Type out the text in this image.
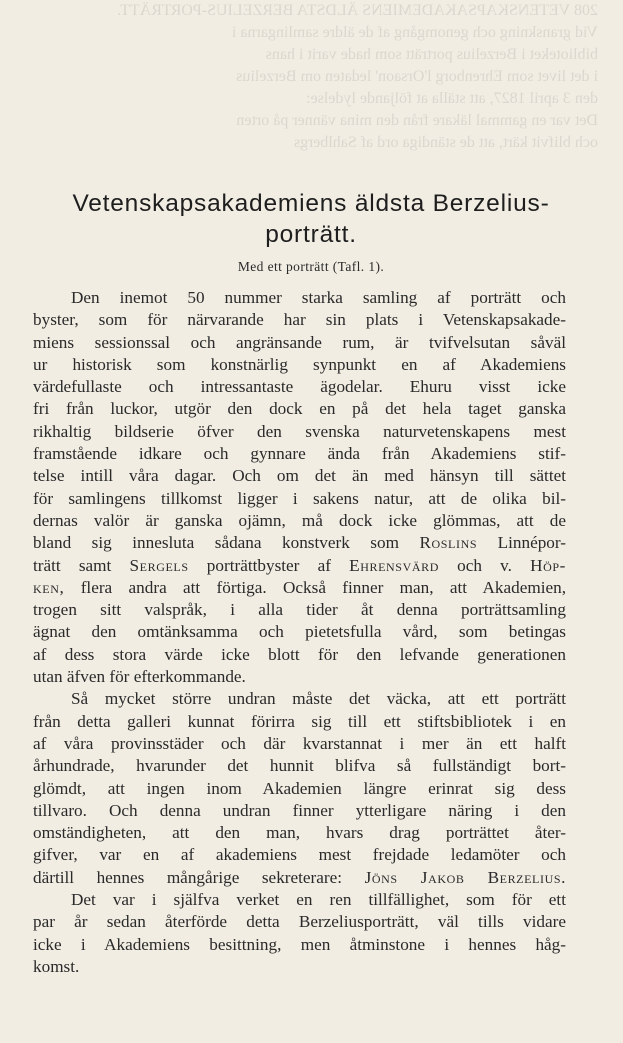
208 VETENSKAPSAKADEMIENS ÄLDSTA BERZELIUS-PORTRÄTT.
Vid granskning och genomgång af de äldre samlingarna i
biblioteket i Berzelius porträtt som hade varit i hans
i det livet som Ehrenborg l'Orsaon' ledaten om Berzelius
den 3 april 1827, att ställa at följande lydelse:
Det var en gammal läkare från den mina vänner på orten
och blifvit kärt, att de ständiga ord af Sahlbergs
Vetenskapsakademiens äldsta Berzelius-
porträtt.
Med ett porträtt (Tafl. 1).
Den inemot 50 nummer starka samling af porträtt och
byster, som för närvarande har sin plats i Vetenskapsakade-
miens sessionssal och angränsande rum, är tvifvelsutan såväl
ur historisk som konstnärlig synpunkt en af Akademiens
värdefullaste och intressantaste ägodelar. Ehuru visst icke
fri från luckor, utgör den dock en på det hela taget ganska
rikhaltig bildserie öfver den svenska naturvetenskapens mest
framstående idkare och gynnare ända från Akademiens stif-
telse intill våra dagar. Och om det än med hänsyn till sättet
för samlingens tillkomst ligger i sakens natur, att de olika bil-
dernas valör är ganska ojämn, må dock icke glömmas, att de
bland sig innesluta sådana konstverk som Roslins Linnépor-
trätt samt Sergels porträttbyster af Ehrensvärd och v. Höp-
ken, flera andra att förtiga. Också finner man, att Akademien,
trogen sitt valspråk, i alla tider åt denna porträttsamling
ägnat den omtänksamma och pietetsfulla vård, som betingas
af dess stora värde icke blott för den lefvande generationen
utan äfven för efterkommande.
Så mycket större undran måste det väcka, att ett porträtt
från detta galleri kunnat förirra sig till ett stiftsbibliotek i en
af våra provinsstäder och där kvarstannat i mer än ett halft
århundrade, hvarunder det hunnit blifva så fullständigt bort-
glömdt, att ingen inom Akademien längre erinrat sig dess
tillvaro. Och denna undran finner ytterligare näring i den
omständigheten, att den man, hvars drag porträttet åter-
gifver, var en af akademiens mest frejdade ledamöter och
därtill hennes mångårige sekreterare: Jöns Jakob Berzelius.
Det var i själfva verket en ren tillfällighet, som för ett
par år sedan återförde detta Berzeliusporträtt, väl tills vidare
icke i Akademiens besittning, men åtminstone i hennes håg-
komst.
